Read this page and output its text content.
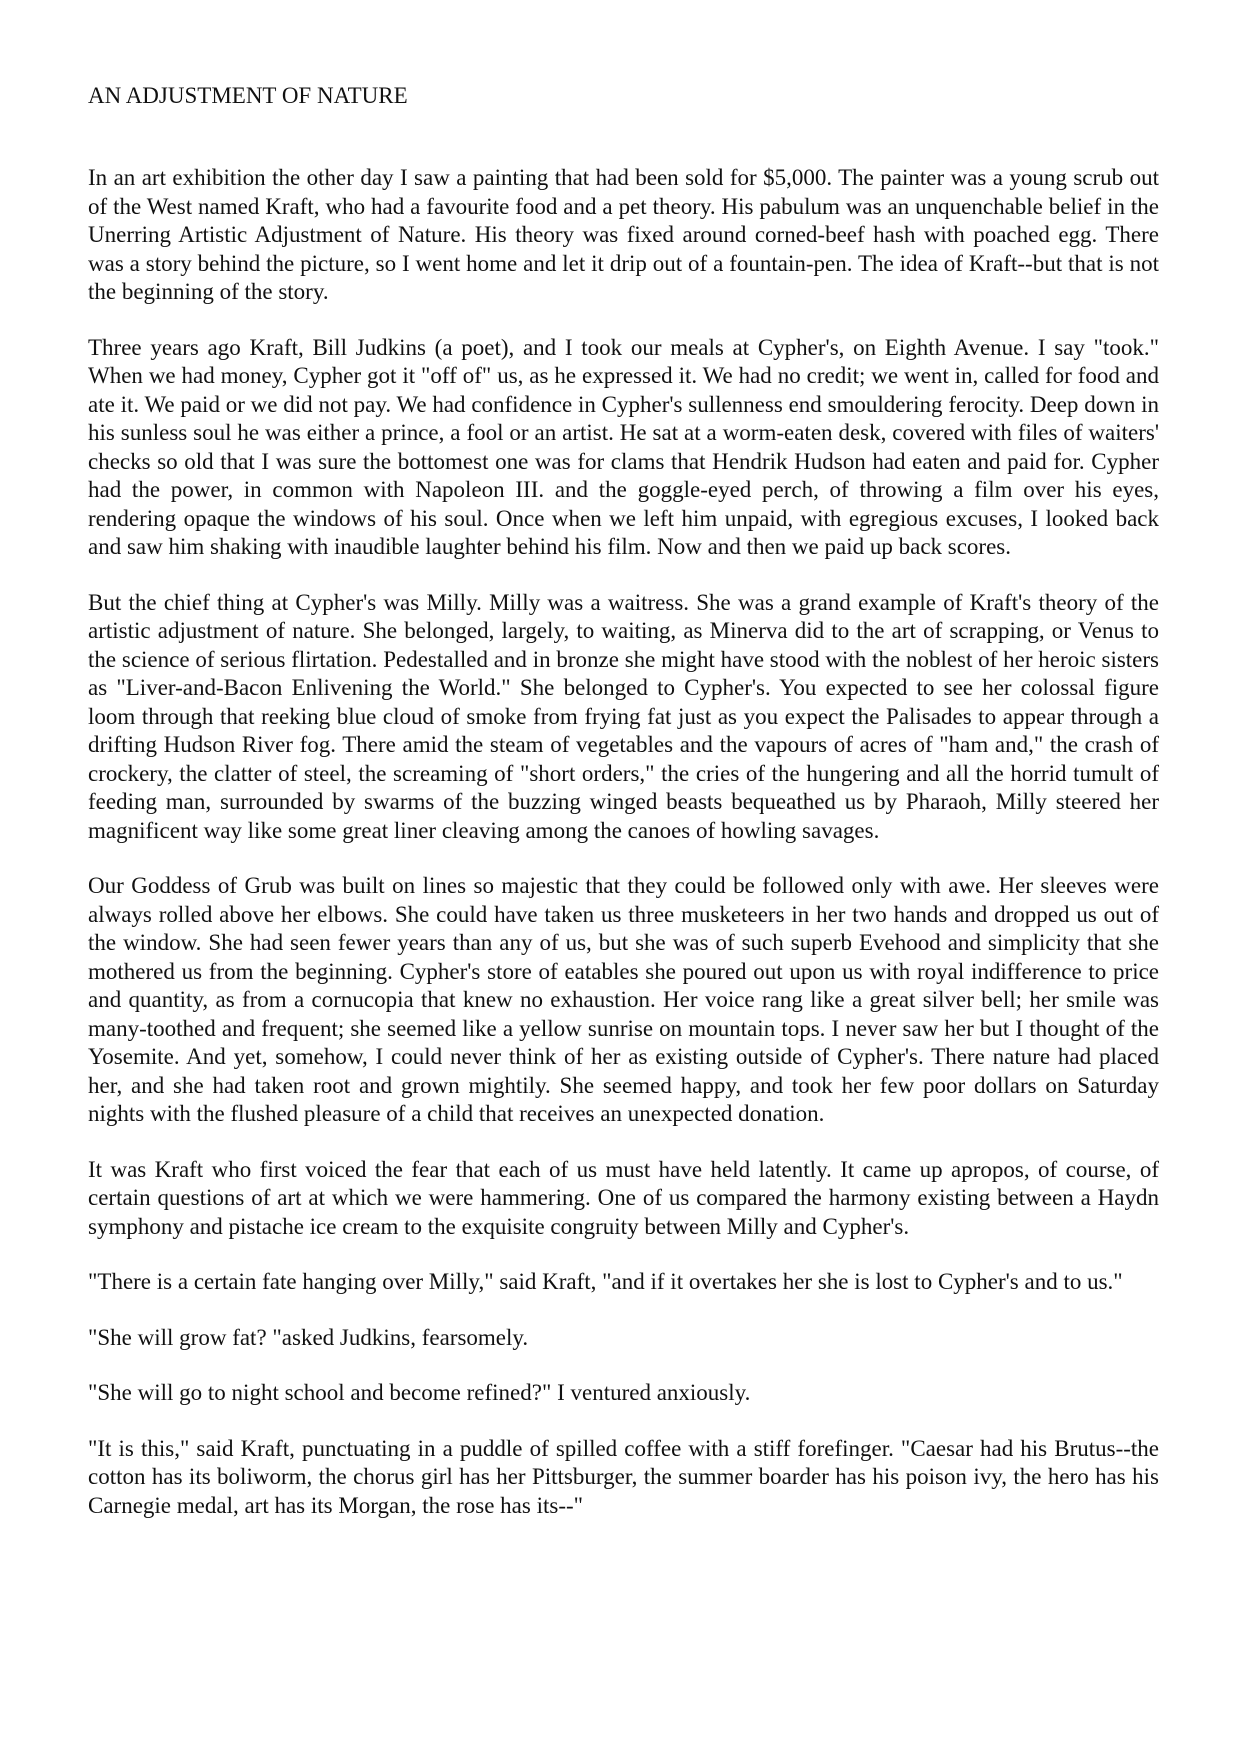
AN ADJUSTMENT OF NATURE

In an art exhibition the other day I saw a painting that had been sold for $5,000. The painter was a young scrub out of the West named Kraft, who had a favourite food and a pet theory. His pabulum was an unquenchable belief in the Unerring Artistic Adjustment of Nature. His theory was fixed around corned-beef hash with poached egg. There was a story behind the picture, so I went home and let it drip out of a fountain-pen. The idea of Kraft--but that is not the beginning of the story.

Three years ago Kraft, Bill Judkins (a poet), and I took our meals at Cypher's, on Eighth Avenue. I say "took." When we had money, Cypher got it "off of" us, as he expressed it. We had no credit; we went in, called for food and ate it. We paid or we did not pay. We had confidence in Cypher's sullenness end smouldering ferocity. Deep down in his sunless soul he was either a prince, a fool or an artist. He sat at a worm-eaten desk, covered with files of waiters' checks so old that I was sure the bottomest one was for clams that Hendrik Hudson had eaten and paid for. Cypher had the power, in common with Napoleon III. and the goggle-eyed perch, of throwing a film over his eyes, rendering opaque the windows of his soul. Once when we left him unpaid, with egregious excuses, I looked back and saw him shaking with inaudible laughter behind his film. Now and then we paid up back scores.

But the chief thing at Cypher's was Milly. Milly was a waitress. She was a grand example of Kraft's theory of the artistic adjustment of nature. She belonged, largely, to waiting, as Minerva did to the art of scrapping, or Venus to the science of serious flirtation. Pedestalled and in bronze she might have stood with the noblest of her heroic sisters as "Liver-and-Bacon Enlivening the World." She belonged to Cypher's. You expected to see her colossal figure loom through that reeking blue cloud of smoke from frying fat just as you expect the Palisades to appear through a drifting Hudson River fog. There amid the steam of vegetables and the vapours of acres of "ham and," the crash of crockery, the clatter of steel, the screaming of "short orders," the cries of the hungering and all the horrid tumult of feeding man, surrounded by swarms of the buzzing winged beasts bequeathed us by Pharaoh, Milly steered her magnificent way like some great liner cleaving among the canoes of howling savages.

Our Goddess of Grub was built on lines so majestic that they could be followed only with awe. Her sleeves were always rolled above her elbows. She could have taken us three musketeers in her two hands and dropped us out of the window. She had seen fewer years than any of us, but she was of such superb Evehood and simplicity that she mothered us from the beginning. Cypher's store of eatables she poured out upon us with royal indifference to price and quantity, as from a cornucopia that knew no exhaustion. Her voice rang like a great silver bell; her smile was many-toothed and frequent; she seemed like a yellow sunrise on mountain tops. I never saw her but I thought of the Yosemite. And yet, somehow, I could never think of her as existing outside of Cypher's. There nature had placed her, and she had taken root and grown mightily. She seemed happy, and took her few poor dollars on Saturday nights with the flushed pleasure of a child that receives an unexpected donation.

It was Kraft who first voiced the fear that each of us must have held latently. It came up apropos, of course, of certain questions of art at which we were hammering. One of us compared the harmony existing between a Haydn symphony and pistache ice cream to the exquisite congruity between Milly and Cypher's.

"There is a certain fate hanging over Milly," said Kraft, "and if it overtakes her she is lost to Cypher's and to us."

"She will grow fat? "asked Judkins, fearsomely.

"She will go to night school and become refined?" I ventured anxiously.

"It is this," said Kraft, punctuating in a puddle of spilled coffee with a stiff forefinger. "Caesar had his Brutus--the cotton has its boliworm, the chorus girl has her Pittsburger, the summer boarder has his poison ivy, the hero has his Carnegie medal, art has its Morgan, the rose has its--"
